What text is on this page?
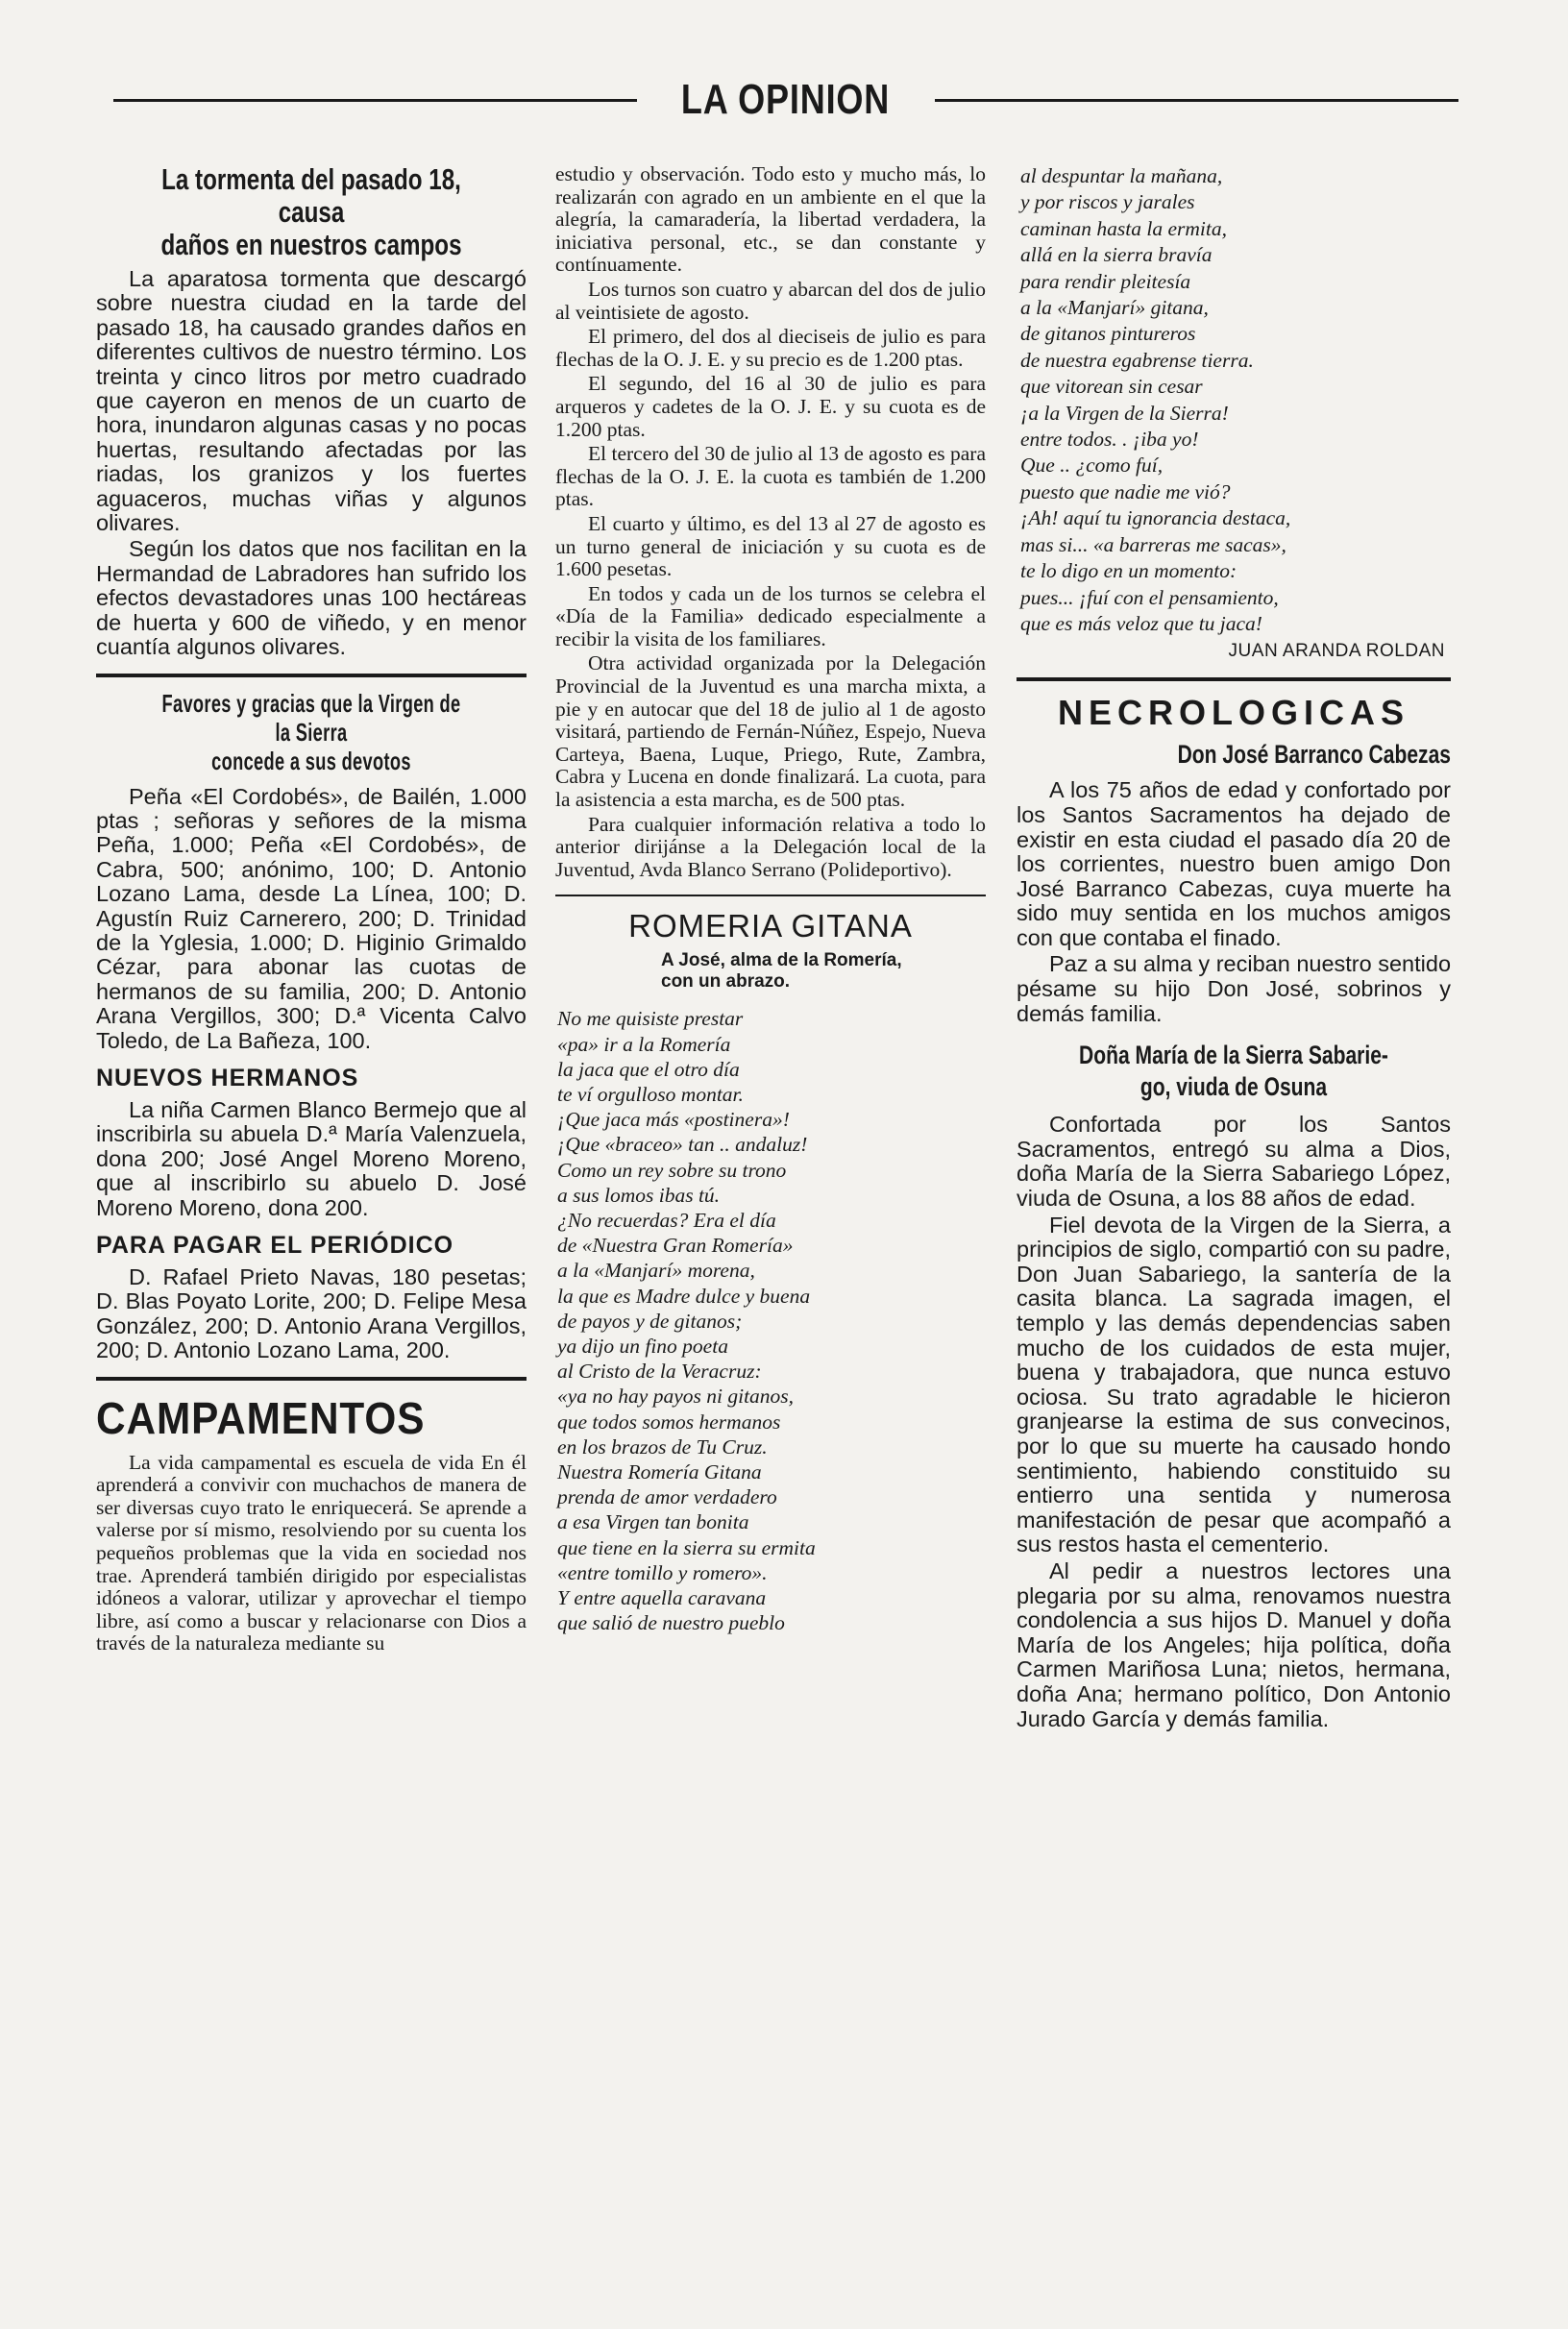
LA OPINION
La tormenta del pasado 18, causa
daños en nuestros campos

La aparatosa tormenta que descargó sobre nuestra ciudad en la tarde del pasado 18, ha causado grandes daños en diferentes cultivos de nuestro término. Los treinta y cinco litros por metro cuadrado que cayeron en menos de un cuarto de hora, inundaron algunas casas y no pocas huertas, resultando afectadas por las riadas, los granizos y los fuertes aguaceros, muchas viñas y algunos olivares.

Según los datos que nos facilitan en la Hermandad de Labradores han sufrido los efectos devastadores unas 100 hectáreas de huerta y 600 de viñedo, y en menor cuantía algunos olivares.

Favores y gracias que la Virgen de la Sierra
concede a sus devotos

Peña «El Cordobés», de Bailén, 1.000 ptas ; señoras y señores de la misma Peña, 1.000; Peña «El Cordobés», de Cabra, 500; anónimo, 100; D. Antonio Lozano Lama, desde La Línea, 100; D. Agustín Ruiz Carnerero, 200; D. Trinidad de la Yglesia, 1.000; D. Higinio Grimaldo Cézar, para abonar las cuotas de hermanos de su familia, 200; D. Antonio Arana Vergillos, 300; D.ª Vicenta Calvo Toledo, de La Bañeza, 100.

NUEVOS HERMANOS

La niña Carmen Blanco Bermejo que al inscribirla su abuela D.ª María Valenzuela, dona 200; José Angel Moreno Moreno, que al inscribirlo su abuelo D. José Moreno Moreno, dona 200.

PARA PAGAR EL PERIÓDICO

D. Rafael Prieto Navas, 180 pesetas; D. Blas Poyato Lorite, 200; D. Felipe Mesa González, 200; D. Antonio Arana Vergillos, 200; D. Antonio Lozano Lama, 200.

CAMPAMENTOS

La vida campamental es escuela de vida En él aprenderá a convivir con muchachos de manera de ser diversas cuyo trato le enriquecerá. Se aprende a valerse por sí mismo, resolviendo por su cuenta los pequeños problemas que la vida en sociedad nos trae. Aprenderá también dirigido por especialistas idóneos a valorar, utilizar y aprovechar el tiempo libre, así como a buscar y relacionarse con Dios a través de la naturaleza mediante su

estudio y observación. Todo esto y mucho más, lo realizarán con agrado en un ambiente en el que la alegría, la camaradería, la libertad verdadera, la iniciativa personal, etc., se dan constante y contínuamente.

Los turnos son cuatro y abarcan del dos de julio al veintisiete de agosto.

El primero, del dos al dieciseis de julio es para flechas de la O. J. E. y su precio es de 1.200 ptas.

El segundo, del 16 al 30 de julio es para arqueros y cadetes de la O. J. E. y su cuota es de 1.200 ptas.

El tercero del 30 de julio al 13 de agosto es para flechas de la O. J. E. la cuota es también de 1.200 ptas.

El cuarto y último, es del 13 al 27 de agosto es un turno general de iniciación y su cuota es de 1.600 pesetas.

En todos y cada un de los turnos se celebra el «Día de la Familia» dedicado especialmente a recibir la visita de los familiares.

Otra actividad organizada por la Delegación Provincial de la Juventud es una marcha mixta, a pie y en autocar que del 18 de julio al 1 de agosto visitará, partiendo de Fernán-Núñez, Espejo, Nueva Carteya, Baena, Luque, Priego, Rute, Zambra, Cabra y Lucena en donde finalizará. La cuota, para la asistencia a esta marcha, es de 500 ptas.

Para cualquier información relativa a todo lo anterior dirijánse a la Delegación local de la Juventud, Avda Blanco Serrano (Polideportivo).

ROMERIA GITANA
A José, alma de la Romería,
con un abrazo.
No me quisiste prestar
«pa» ir a la Romería
la jaca que el otro día
te ví orgulloso montar.
¡Que jaca más «postinera»!
¡Que «braceo» tan .. andaluz!
Como un rey sobre su trono
a sus lomos ibas tú.
¿No recuerdas? Era el día
de «Nuestra Gran Romería»
a la «Manjarí» morena,
la que es Madre dulce y buena
de payos y de gitanos;
ya dijo un fino poeta
al Cristo de la Veracruz:
«ya no hay payos ni gitanos,
que todos somos hermanos
en los brazos de Tu Cruz.
Nuestra Romería Gitana
prenda de amor verdadero
a esa Virgen tan bonita
que tiene en la sierra su ermita
«entre tomillo y romero».
Y entre aquella caravana
que salió de nuestro pueblo
al despuntar la mañana,
y por riscos y jarales
caminan hasta la ermita,
allá en la sierra bravía
para rendir pleitesía
a la «Manjarí» gitana,
de gitanos pintureros
de nuestra egabrense tierra.
que vitorean sin cesar
¡a la Virgen de la Sierra!
entre todos. . ¡iba yo!
Que .. ¿como fuí,
puesto que nadie me vió?
¡Ah! aquí tu ignorancia destaca,
mas si... «a barreras me sacas»,
te lo digo en un momento:
pues... ¡fuí con el pensamiento,
que es más veloz que tu jaca!
JUAN ARANDA ROLDAN
NECROLOGICAS
Don José Barranco Cabezas

A los 75 años de edad y confortado por los Santos Sacramentos ha dejado de existir en esta ciudad el pasado día 20 de los corrientes, nuestro buen amigo Don José Barranco Cabezas, cuya muerte ha sido muy sentida en los muchos amigos con que contaba el finado.

Paz a su alma y reciban nuestro sentido pésame su hijo Don José, sobrinos y demás familia.

Doña María de la Sierra Sabarie-
go, viuda de Osuna

Confortada por los Santos Sacramentos, entregó su alma a Dios, doña María de la Sierra Sabariego López, viuda de Osuna, a los 88 años de edad.

Fiel devota de la Virgen de la Sierra, a principios de siglo, compartió con su padre, Don Juan Sabariego, la santería de la casita blanca. La sagrada imagen, el templo y las demás dependencias saben mucho de los cuidados de esta mujer, buena y trabajadora, que nunca estuvo ociosa. Su trato agradable le hicieron granjearse la estima de sus convecinos, por lo que su muerte ha causado hondo sentimiento, habiendo constituido su entierro una sentida y numerosa manifestación de pesar que acompañó a sus restos hasta el cementerio.

Al pedir a nuestros lectores una plegaria por su alma, renovamos nuestra condolencia a sus hijos D. Manuel y doña María de los Angeles; hija política, doña Carmen Mariñosa Luna; nietos, hermana, doña Ana; hermano político, Don Antonio Jurado García y demás familia.
